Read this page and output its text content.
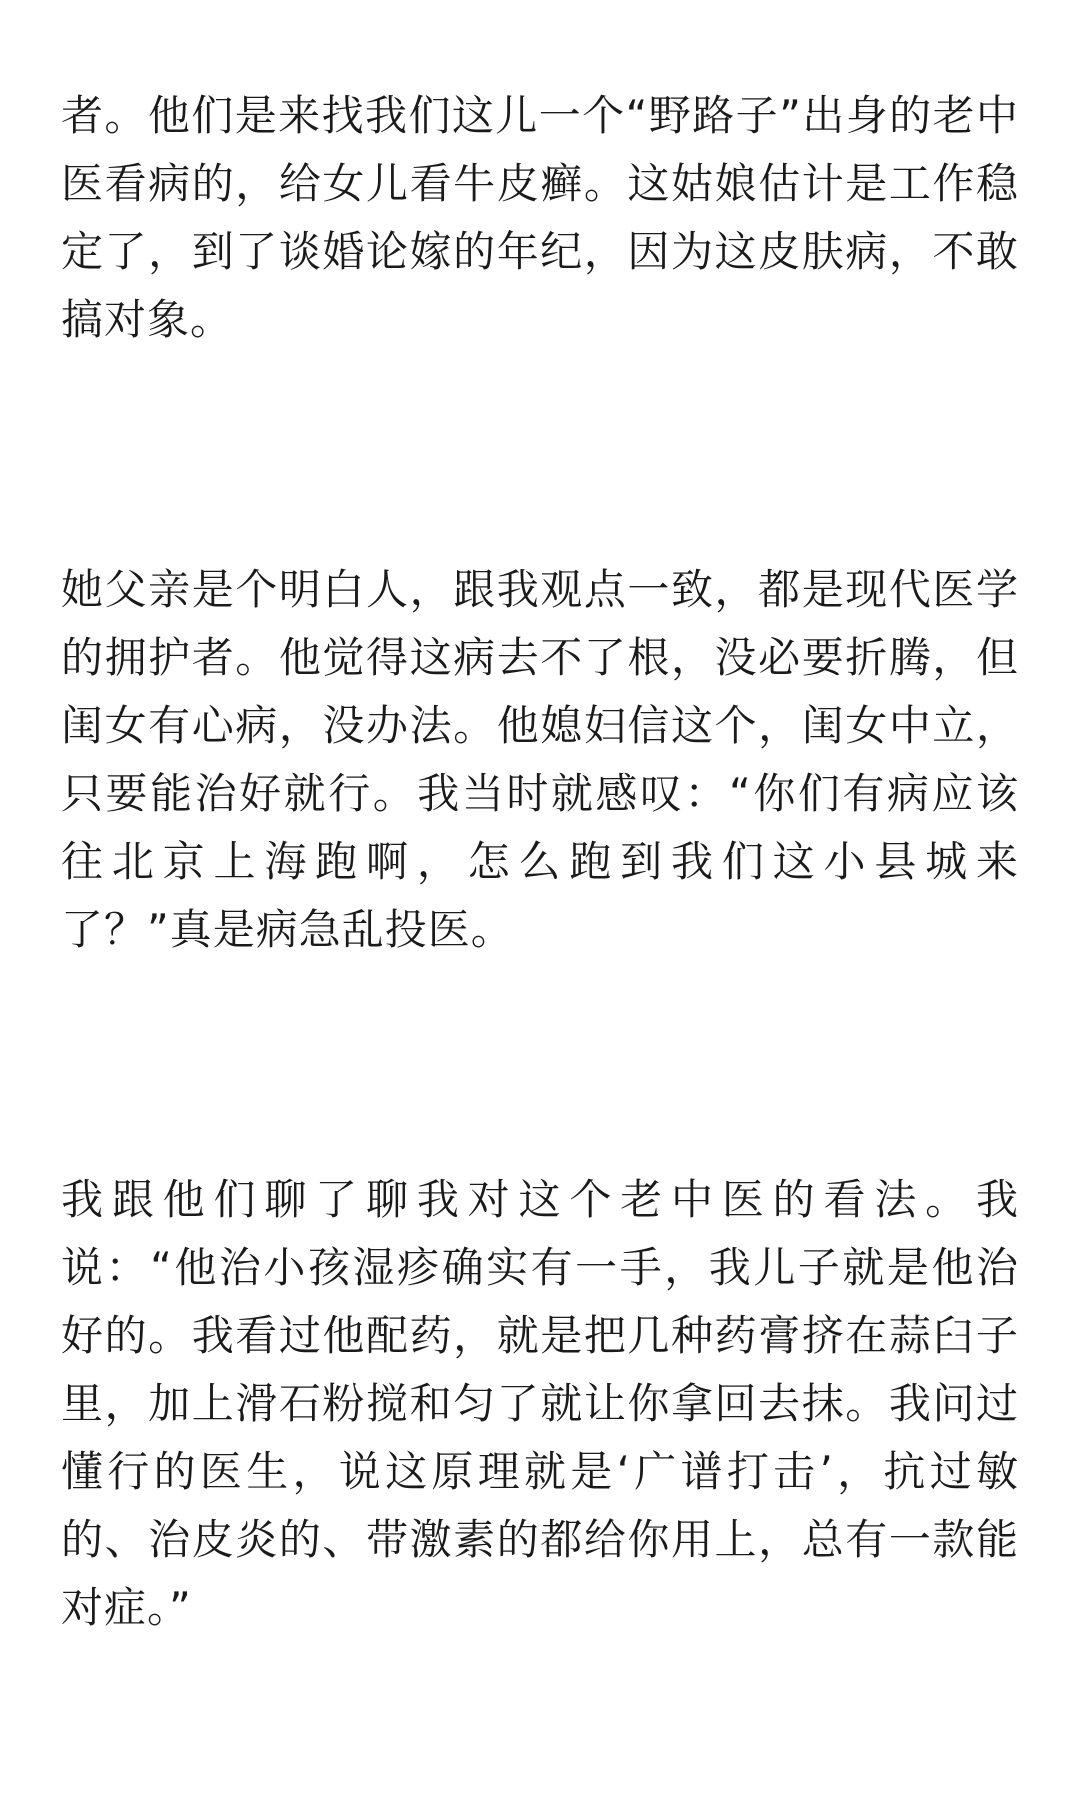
者。他们是来找我们这儿一个“野路子”出身的老中医看病的，给女儿看牛皮癣。这姑娘估计是工作稳定了，到了谈婚论嫁的年纪，因为这皮肤病，不敢搞对象。

她父亲是个明白人，跟我观点一致，都是现代医学的拥护者。他觉得这病去不了根，没必要折腾，但闺女有心病，没办法。他媳妇信这个，闺女中立，只要能治好就行。我当时就感叹：“你们有病应该往北京上海跑啊，怎么跑到我们这小县城来了？”真是病急乱投医。

我跟他们聊了聊我对这个老中医的看法。我说：“他治小孩湿疹确实有一手，我儿子就是他治好的。我看过他配药，就是把几种药膏挤在蒜臼子里，加上滑石粉搅和匀了就让你拿回去抹。我问过懂行的医生，说这原理就是‘广谱打击’，抗过敏的、治皮炎的、带激素的都给你用上，总有一款能对症。”
